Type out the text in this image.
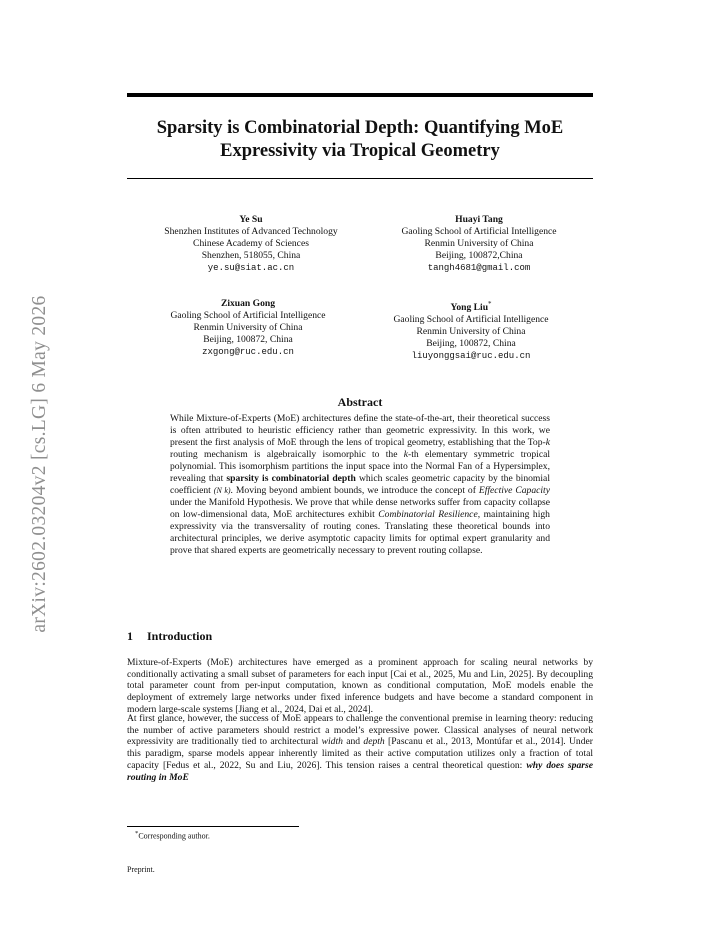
arXiv:2602.03204v2 [cs.LG] 6 May 2026
Sparsity is Combinatorial Depth: Quantifying MoE Expressivity via Tropical Geometry
Ye Su
Shenzhen Institutes of Advanced Technology
Chinese Academy of Sciences
Shenzhen, 518055, China
ye.su@siat.ac.cn
Huayi Tang
Gaoling School of Artificial Intelligence
Renmin University of China
Beijing, 100872,China
tangh4681@gmail.com
Zixuan Gong
Gaoling School of Artificial Intelligence
Renmin University of China
Beijing, 100872, China
zxgong@ruc.edu.cn
Yong Liu*
Gaoling School of Artificial Intelligence
Renmin University of China
Beijing, 100872, China
liuyonggsai@ruc.edu.cn
Abstract

While Mixture-of-Experts (MoE) architectures define the state-of-the-art, their theoretical success is often attributed to heuristic efficiency rather than geometric expressivity. In this work, we present the first analysis of MoE through the lens of tropical geometry, establishing that the Top-k routing mechanism is algebraically isomorphic to the k-th elementary symmetric tropical polynomial. This isomorphism partitions the input space into the Normal Fan of a Hypersimplex, revealing that sparsity is combinatorial depth which scales geometric capacity by the binomial coefficient (N k). Moving beyond ambient bounds, we introduce the concept of Effective Capacity under the Manifold Hypothesis. We prove that while dense networks suffer from capacity collapse on low-dimensional data, MoE architectures exhibit Combinatorial Resilience, maintaining high expressivity via the transversality of routing cones. Translating these theoretical bounds into architectural principles, we derive asymptotic capacity limits for optimal expert granularity and prove that shared experts are geometrically necessary to prevent routing collapse.

1 Introduction

Mixture-of-Experts (MoE) architectures have emerged as a prominent approach for scaling neural networks by conditionally activating a small subset of parameters for each input [Cai et al., 2025, Mu and Lin, 2025]. By decoupling total parameter count from per-input computation, known as conditional computation, MoE models enable the deployment of extremely large networks under fixed inference budgets and have become a standard component in modern large-scale systems [Jiang et al., 2024, Dai et al., 2024].

At first glance, however, the success of MoE appears to challenge the conventional premise in learning theory: reducing the number of active parameters should restrict a model’s expressive power. Classical analyses of neural network expressivity are traditionally tied to architectural width and depth [Pascanu et al., 2013, Montúfar et al., 2014]. Under this paradigm, sparse models appear inherently limited as their active computation utilizes only a fraction of total capacity [Fedus et al., 2022, Su and Liu, 2026]. This tension raises a central theoretical question: why does sparse routing in MoE

*Corresponding author.
Preprint.
